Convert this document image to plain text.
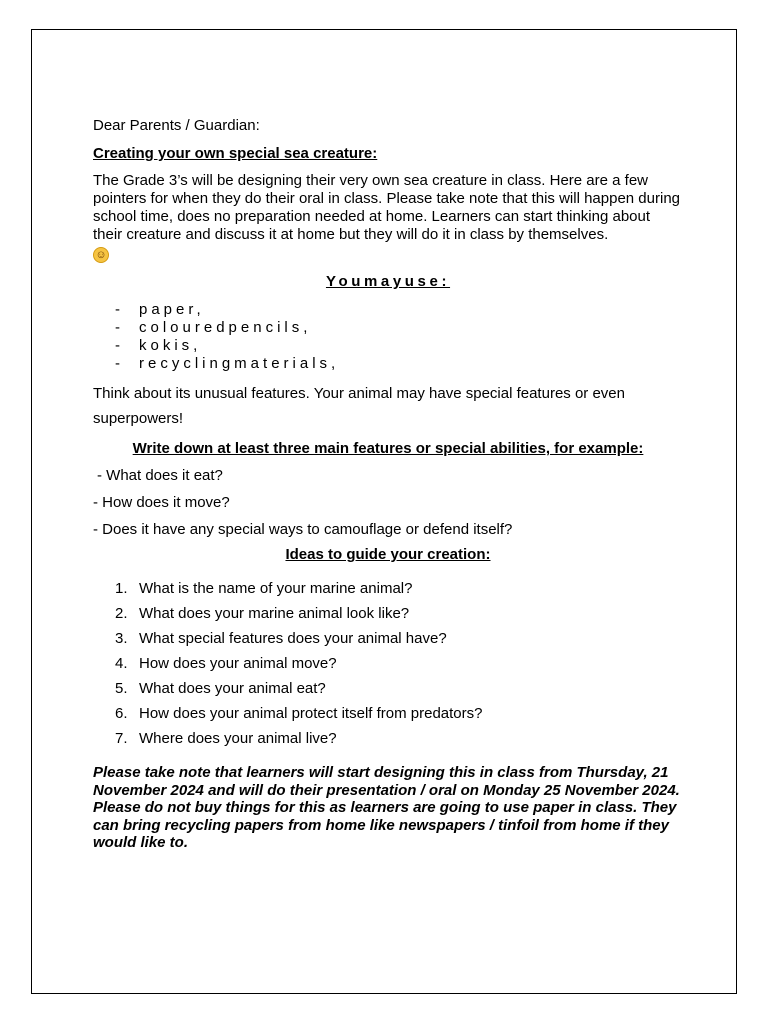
Dear Parents / Guardian:

Creating your own special sea creature:

The Grade 3’s will be designing their very own sea creature in class. Here are a few pointers for when they do their oral in class. Please take note that this will happen during school time, does no preparation needed at home. Learners can start thinking about their creature and discuss it at home but they will do it in class by themselves.
☺

Youmayuse:

- paper,
- colouredpencils,
- kokis,
- recyclingmaterials,

Think about its unusual features. Your animal may have special features or even superpowers!

Write down at least three main features or special abilities, for example:

- What does it eat?

- How does it move?

- Does it have any special ways to camouflage or defend itself?

Ideas to guide your creation:

1. What is the name of your marine animal?
2. What does your marine animal look like?
3. What special features does your animal have?
4. How does your animal move?
5. What does your animal eat?
6. How does your animal protect itself from predators?
7. Where does your animal live?

Please take note that learners will start designing this in class from Thursday, 21 November 2024 and will do their presentation / oral on Monday 25 November 2024. Please do not buy things for this as learners are going to use paper in class. They can bring recycling papers from home like newspapers / tinfoil from home if they would like to.
